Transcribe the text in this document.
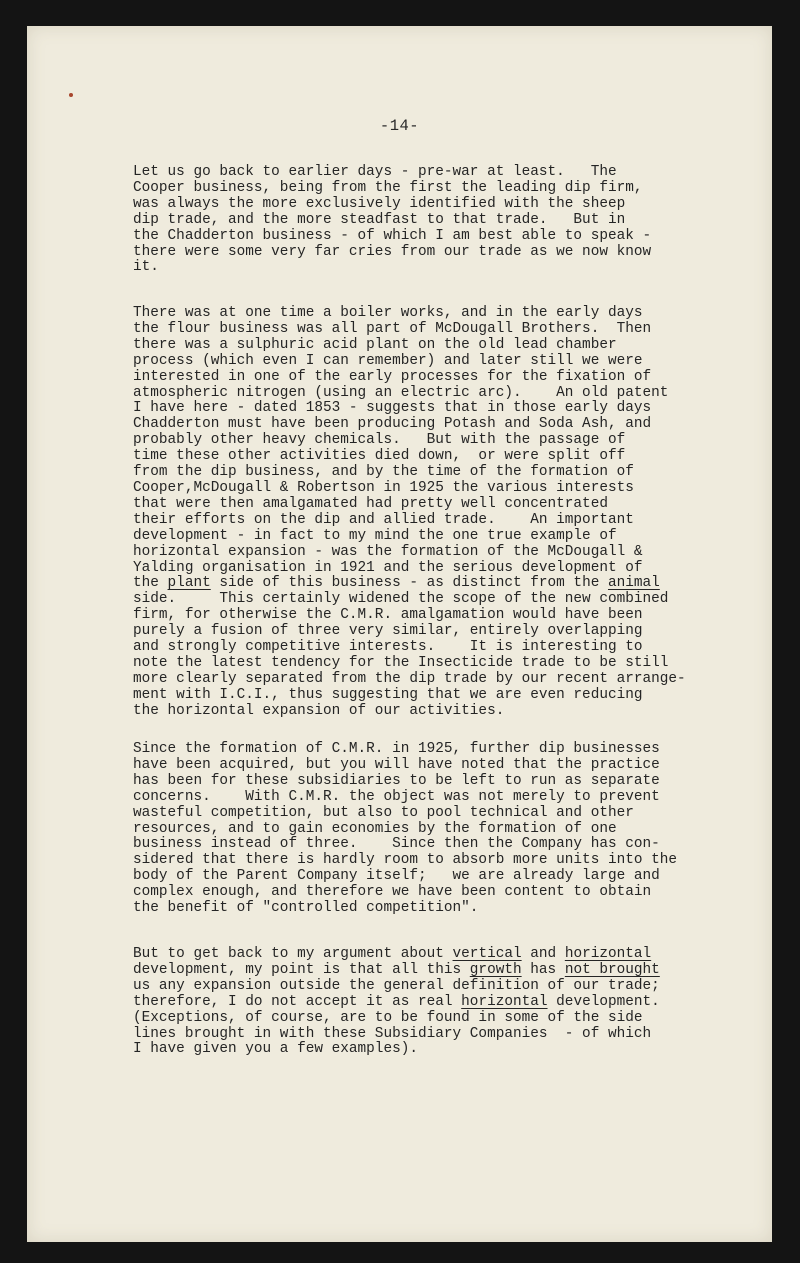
-14-
Let us go back to earlier days - pre-war at least.   The
Cooper business, being from the first the leading dip firm,
was always the more exclusively identified with the sheep
dip trade, and the more steadfast to that trade.   But in
the Chadderton business - of which I am best able to speak -
there were some very far cries from our trade as we now know
it.
There was at one time a boiler works, and in the early days
the flour business was all part of McDougall Brothers.  Then
there was a sulphuric acid plant on the old lead chamber
process (which even I can remember) and later still we were
interested in one of the early processes for the fixation of
atmospheric nitrogen (using an electric arc).    An old patent
I have here - dated 1853 - suggests that in those early days
Chadderton must have been producing Potash and Soda Ash, and
probably other heavy chemicals.   But with the passage of
time these other activities died down,  or were split off
from the dip business, and by the time of the formation of
Cooper,McDougall & Robertson in 1925 the various interests
that were then amalgamated had pretty well concentrated
their efforts on the dip and allied trade.    An important
development - in fact to my mind the one true example of
horizontal expansion - was the formation of the McDougall &
Yalding organisation in 1921 and the serious development of
the plant side of this business - as distinct from the animal
side.     This certainly widened the scope of the new combined
firm, for otherwise the C.M.R. amalgamation would have been
purely a fusion of three very similar, entirely overlapping
and strongly competitive interests.    It is interesting to
note the latest tendency for the Insecticide trade to be still
more clearly separated from the dip trade by our recent arrange-
ment with I.C.I., thus suggesting that we are even reducing
the horizontal expansion of our activities.
Since the formation of C.M.R. in 1925, further dip businesses
have been acquired, but you will have noted that the practice
has been for these subsidiaries to be left to run as separate
concerns.    With C.M.R. the object was not merely to prevent
wasteful competition, but also to pool technical and other
resources, and to gain economies by the formation of one
business instead of three.    Since then the Company has con-
sidered that there is hardly room to absorb more units into the
body of the Parent Company itself;   we are already large and
complex enough, and therefore we have been content to obtain
the benefit of "controlled competition".
But to get back to my argument about vertical and horizontal
development, my point is that all this growth has not brought
us any expansion outside the general definition of our trade;
therefore, I do not accept it as real horizontal development.
(Exceptions, of course, are to be found in some of the side
lines brought in with these Subsidiary Companies  - of which
I have given you a few examples).
